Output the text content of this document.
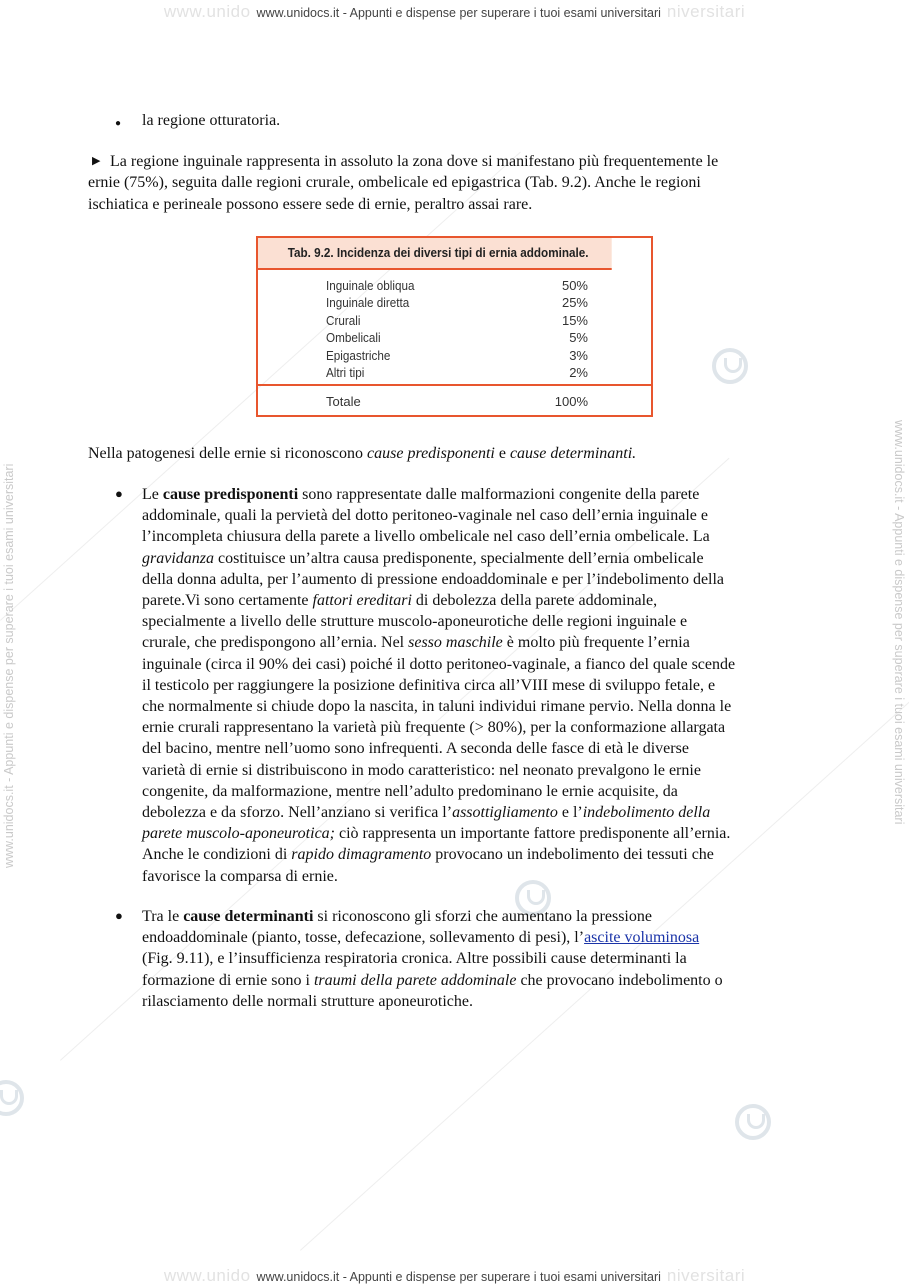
www.unido www.unidocs.it - Appunti e dispense per superare i tuoi esami universitari niversitari
www.unido www.unidocs.it - Appunti e dispense per superare i tuoi esami universitari niversitari
www.unidocs.it - Appunti e dispense per superare i tuoi esami universitari	www.unidocs.it - Appunti e dispense per superare i tuoi esami universitari
● la regione otturatoria.
▶ La regione inguinale rappresenta in assoluto la zona dove si manifestano più frequentemente le
ernie (75%), seguita dalle regioni crurale, ombelicale ed epigastrica (Tab. 9.2). Anche le regioni
ischiatica e perineale possono essere sede di ernie, peraltro assai rare.
Tab. 9.2. Incidenza dei diversi tipi di ernia addominale.
Inguinale obliqua	50%
Inguinale diretta	25%
Crurali	15%
Ombelicali	5%
Epigastriche	3%
Altri tipi	2%
Totale	100%
Nella patogenesi delle ernie si riconoscono cause predisponenti e cause determinanti.
● Le cause predisponenti sono rappresentate dalle malformazioni congenite della parete
addominale, quali la pervietà del dotto peritoneo-vaginale nel caso dell’ernia inguinale e
l’incompleta chiusura della parete a livello ombelicale nel caso dell’ernia ombelicale. La
gravidanza costituisce un’altra causa predisponente, specialmente dell’ernia ombelicale
della donna adulta, per l’aumento di pressione endoaddominale e per l’indebolimento della
parete.Vi sono certamente fattori ereditari di debolezza della parete addominale,
specialmente a livello delle strutture muscolo-aponeurotiche delle regioni inguinale e
crurale, che predispongono all’ernia. Nel sesso maschile è molto più frequente l’ernia
inguinale (circa il 90% dei casi) poiché il dotto peritoneo-vaginale, a fianco del quale scende
il testicolo per raggiungere la posizione definitiva circa all’VIII mese di sviluppo fetale, e
che normalmente si chiude dopo la nascita, in taluni individui rimane pervio. Nella donna le
ernie crurali rappresentano la varietà più frequente (> 80%), per la conformazione allargata
del bacino, mentre nell’uomo sono infrequenti. A seconda delle fasce di età le diverse
varietà di ernie si distribuiscono in modo caratteristico: nel neonato prevalgono le ernie
congenite, da malformazione, mentre nell’adulto predominano le ernie acquisite, da
debolezza e da sforzo. Nell’anziano si verifica l’assottigliamento e l’indebolimento della
parete muscolo-aponeurotica; ciò rappresenta un importante fattore predisponente all’ernia.
Anche le condizioni di rapido dimagramento provocano un indebolimento dei tessuti che
favorisce la comparsa di ernie.
● Tra le cause determinanti si riconoscono gli sforzi che aumentano la pressione
endoaddominale (pianto, tosse, defecazione, sollevamento di pesi), l’ascite voluminosa
(Fig. 9.11), e l’insufficienza respiratoria cronica. Altre possibili cause determinanti la
formazione di ernie sono i traumi della parete addominale che provocano indebolimento o
rilasciamento delle normali strutture aponeurotiche.
